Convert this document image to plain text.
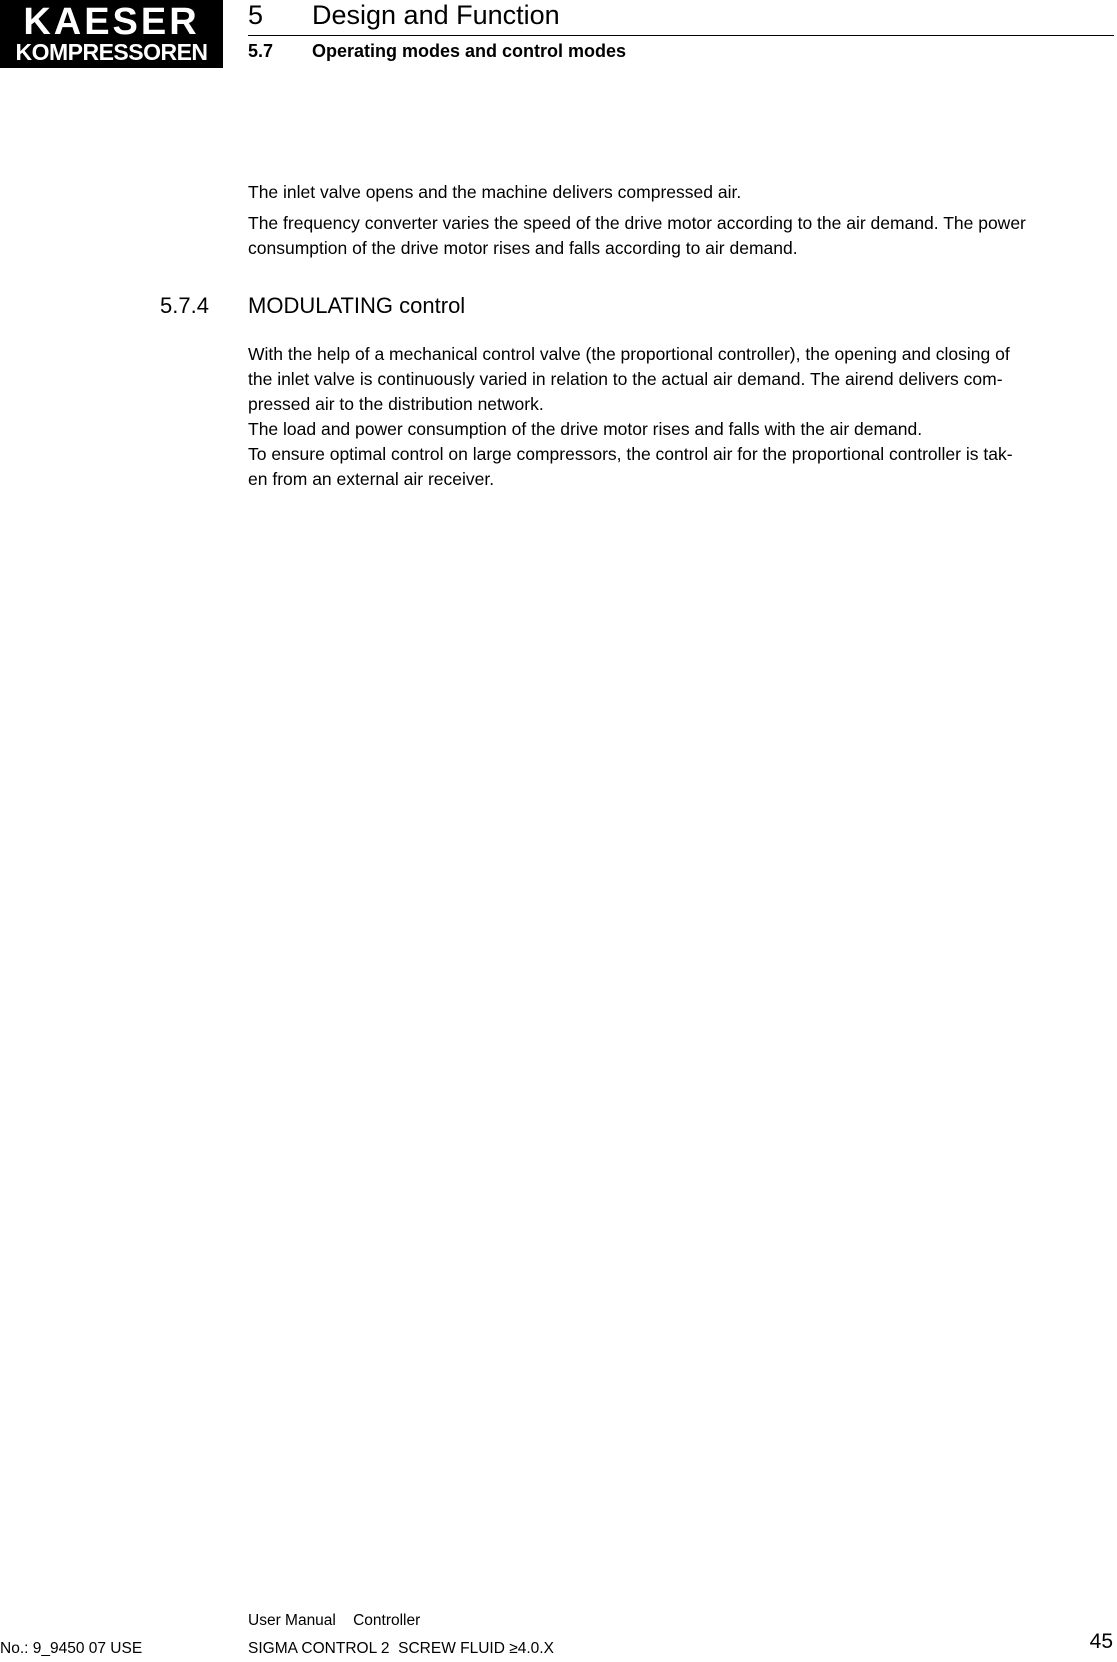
KAESER
KOMPRESSOREN
5 Design and Function
5.7 Operating modes and control modes

The inlet valve opens and the machine delivers compressed air.

The frequency converter varies the speed of the drive motor according to the air demand. The power consumption of the drive motor rises and falls according to air demand.

5.7.4 MODULATING control
With the help of a mechanical control valve (the proportional controller), the opening and closing of
the inlet valve is continuously varied in relation to the actual air demand. The airend delivers com-
pressed air to the distribution network.
The load and power consumption of the drive motor rises and falls with the air demand.
To ensure optimal control on large compressors, the control air for the proportional controller is tak-
en from an external air receiver.
User Manual    Controller
No.: 9_9450 07 USE	SIGMA CONTROL 2  SCREW FLUID ≥4.0.X	45
